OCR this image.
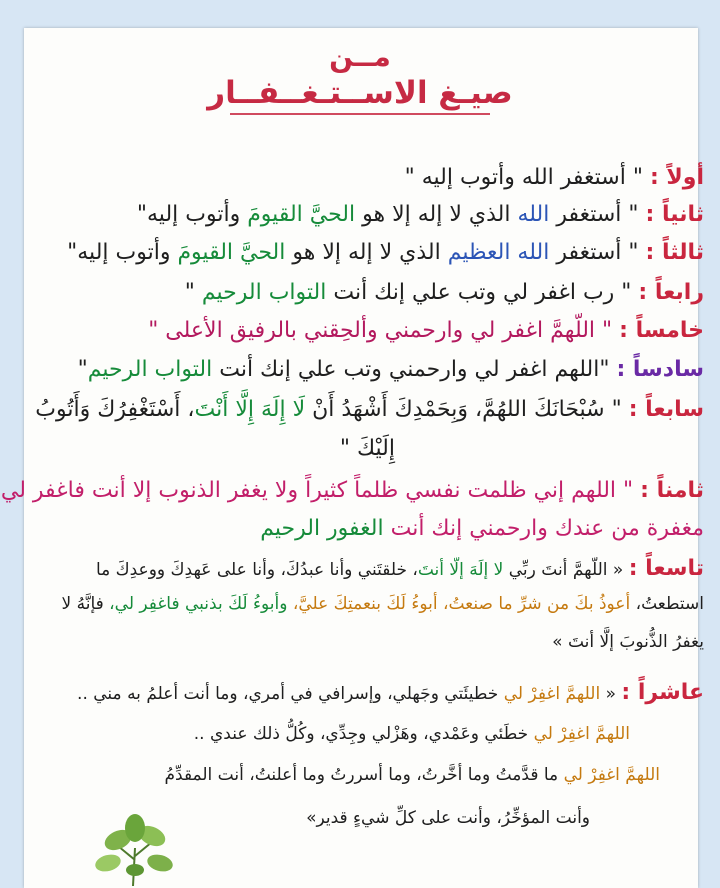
مــن
صيـغ الاســتـغــفــار
أولاً : " أستغفر الله وأتوب إليه "
ثانياً : " أستغفر الله الذي لا إله إلا هو الحيَّ القيومَ وأتوب إليه"
ثالثاً : " أستغفر الله العظيم الذي لا إله إلا هو الحيَّ القيومَ وأتوب إليه"
رابعاً : " رب اغفر لي وتب علي إنك أنت التواب الرحيم "
خامساً : " اللّهمَّ اغفر لي وارحمني وألحِقني بالرفيق الأعلى "
سادساً : "اللهم اغفر لي وارحمني وتب علي إنك أنت التواب الرحيم"
سابعاً : " سُبْحَانَكَ اللهُمَّ، وَبِحَمْدِكَ أَشْهَدُ أَنْ لَا إِلَهَ إِلَّا أَنْتَ، أَسْتَغْفِرُكَ وَأَتُوبُ
إِلَيْكَ "
ثامناً : " اللهم إني ظلمت نفسي ظلماً كثيراً ولا يغفر الذنوب إلا أنت فاغفر لي
مغفرة من عندك وارحمني إنك أنت الغفور الرحيم
تاسعاً : « اللّهمَّ أنتَ ربِّي لا إلَهَ إلّا أنتَ، خلقتَني وأنا عبدُكَ، وأنا على عَهدِكَ ووعدِكَ ما
استطعتُ، أعوذُ بكَ من شرِّ ما صنعتُ، أبوءُ لَكَ بنعمتِكَ عليَّ، وأبوءُ لَكَ بذنبي فاغفِر لي، فإنَّهُ لا
يغفرُ الذُّنوبَ إلَّا أنتَ »
عاشراً : « اللهمَّ اغفِرْ لي خطيئَتي وجَهلي، وإسرافي في أمري، وما أنت أعلمُ به مني ..
اللهمَّ اغفِرْ لي خطَئي وعَمْدي، وهَزْلي وجِدِّي، وكُلُّ ذلك عندي ..
اللهمَّ اغفِرْ لي ما قدَّمتُ وما أخَّرتُ، وما أسررتُ وما أعلنتُ، أنت المقدِّمُ
وأنت المؤخِّرُ، وأنت على كلِّ شيءٍ قدير»
